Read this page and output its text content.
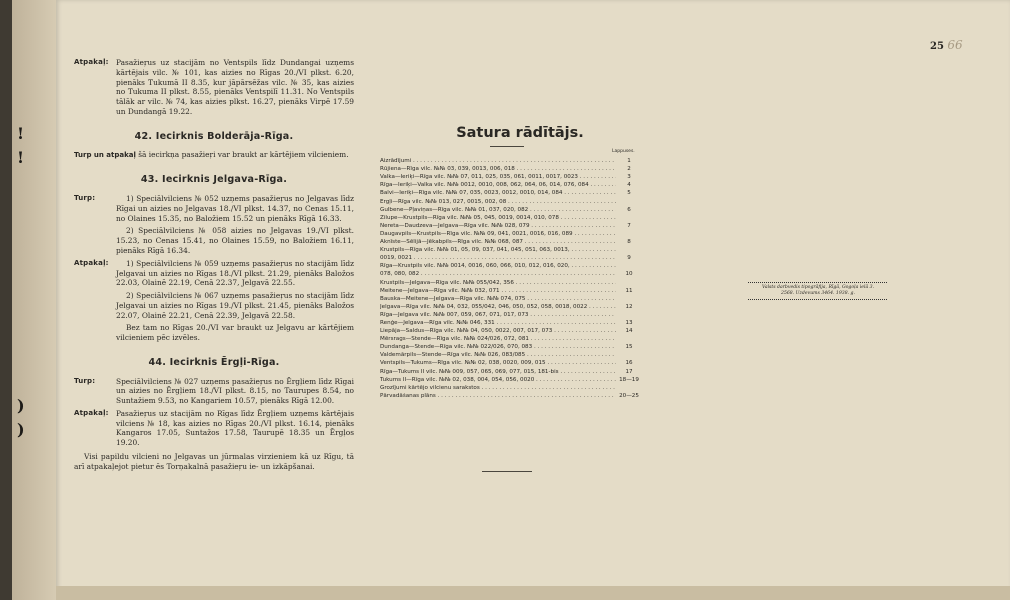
!
!
)
)
25 66
Atpakaļ: Pasažieŗus uz stacijām no Ventspils līdz Dundangai uzņems kārtējais vilc. № 101, kas aiziеs no Rīgas 20./VI plkst. 6.20, pienāks Tukumā II 8.35, kur jāpārsēžas vilc. № 35, kas aizies no Tukuma II plkst. 8.55, pienāks Ventspilī 11.31. No Ventspils tālāk ar vilc. № 74, kas aizies plkst. 16.27, pienāks Virpē 17.59 un Dundangā 19.22.
42. Iecirknis Bolderāja-Rīga.
Turp un atpakaļ šā iecirkņa pasažieŗi var braukt ar kārtējiem vilcieniem.
43. Iecirknis Jelgava-Rīga.
Turp:	1) Speciālvilciens № 052 uzņems pasažieŗus no Jelgavas līdz Rīgai un aizies no Jelgavas 18./VI plkst. 14.37, no Cenas 15.11, no Olaines 15.35, no Baložiem 15.52 un pienāks Rīgā 16.33.
2) Speciālvilciens № 058 aizies no Jelgavas 19./VI plkst. 15.23, no Cenas 15.41, no Olaines 15.59, no Baložiem 16.11, pienāks Rīgā 16.34.
Atpakaļ:	1) Speciālvilciens № 059 uzņems pasažieŗus no stacijām līdz Jelgavai un aizies no Rīgas 18./VI plkst. 21.29, pienāks Baložos 22.03, Olainē 22.19, Cenā 22.37, Jelgavā 22.55.
2) Speciālvilciens № 067 uzņems pasažieŗus no stacijām līdz Jelgavai un aizies no Rīgas 19./VI plkst. 21.45, pienāks Baložos 22.07, Olainē 22.21, Cenā 22.39, Jelgavā 22.58.
Bez tam no Rīgas 20./VI var braukt uz Jelgavu ar kārtējiem vilcieniem pēc izvēles.
44. Iecirknis Ērgļi-Rīga.
Turp:	Speciālvilciens № 027 uzņems pasažieŗus no Ērgļiem līdz Rīgai un aizies no Ērgļiem 18./VI plkst. 8.15, no Taurupes 8.54, no Suntažiem 9.53, no Kangariem 10.57, pienāks Rīgā 12.00.
Atpakaļ: Pasažieŗus uz stacijām no Rīgas līdz Ērgļiem uzņems kārtējais vilciens № 18, kas aizies no Rīgas 20./VI plkst. 16.14, pienāks Kangaros 17.05, Suntažos 17.58, Taurupē 18.35 un Ērgļos 19.20.
Visi papildu vilcieni no Jelgavas un jūrmalas virzieniem kā uz Rīgu, tā arī atpakaļejot pietur ēs Torņakalnā pasažieŗu ie- un izkāpšanai.
Satura rādītājs.
Lappuses.
Aizrādījumi . . .	1
Rūjiena—Rīga vilc. №№ 03, 039, 0013, 006, 018 . . .	2
Valka—Ieriķi—Rīga vilc. №№ 07, 011, 025, 035, 061, 0011, 0017, 0023 . . .	3
Rīga—Ieriķi—Valka vilc. №№ 0012, 0010, 008, 062, 064, 06, 014, 076, 084 . . .	4
Balvi—Ieriķi—Rīga vilc. №№ 07, 035, 0023, 0012, 0010, 014, 084 . . .	5
Ērgļi—Rīga vilc. №№ 013, 027, 0015, 002, 08 . . .
Gulbene—Pļaviņas—Rīga vilc. №№ 01, 037, 020, 082 . . .	6
Zilupe—Krustpils—Rīga vilc. №№ 05, 045, 0019, 0014, 010, 078 . . .
Nereta—Daudzeva—Jelgava—Rīga vilc. №№ 028, 079 . . .	7
Daugavpils—Krustpils—Rīga vilc. №№ 09, 041, 0021, 0016, 016, 089 . . .
Aknīste—Sēlijā—Jēkabpils—Rīga vilc. №№ 068, 087 . . .	8
Krustpils—Rīga vilc. №№ 01, 05, 09, 037, 041, 045, 051, 063, 0013, . . .
0019, 0021 . . .	9
Rīga—Krustpils vilc. №№ 0014, 0016, 060, 066, 010, 012, 016, 020, . . .
078, 080, 082 . . .	10
Krustpils—Jelgava—Rīga vilc. №№ 055/042, 356 . . .
Meitene—Jelgava—Rīga vilc. №№ 032, 071 . . .	11
Bauska—Meitene—Jelgava—Rīga vilc. №№ 074, 075 . . .
Jelgava—Rīga vilc. №№ 04, 032, 055/042, 046, 050, 052, 058, 0018, 0022 . . .	12
Rīga—Jelgava vilc. №№ 007, 059, 067, 071, 017, 073 . . .
Renģe—Jelgava—Rīga vilc. №№ 046, 331 . . .	13
Liepāja—Saldus—Rīga vilc. №№ 04, 050, 0022, 007, 017, 073 . . .	14
Mērsrags—Stende—Rīga vilc. №№ 024/026, 072, 081 . . .
Dundanga—Stende—Rīga vilc. №№ 022/026, 070, 083 . . .	15
Valdemārpils—Stende—Rīga vilc. №№ 026, 083/085 . . .
Ventspils—Tukums—Rīga vilc. №№ 02, 038, 0020, 009, 015 . . .	16
Rīga—Tukums II vilc. №№ 009, 057, 065, 069, 077, 015, 181-bis . . .	17
Tukums II—Rīga vilc. №№ 02, 038, 004, 054, 056, 0020 . . .	18—19
Grozījumi kārtējo vilcienu sarakstos . . .
Pārvadāšanas plāns . . .	20—25
Valsts darbvedis tipogrāfija, Rīgā, Gogoļa ielā 3.
2568. Uzdevums 3464. 1938. g.
